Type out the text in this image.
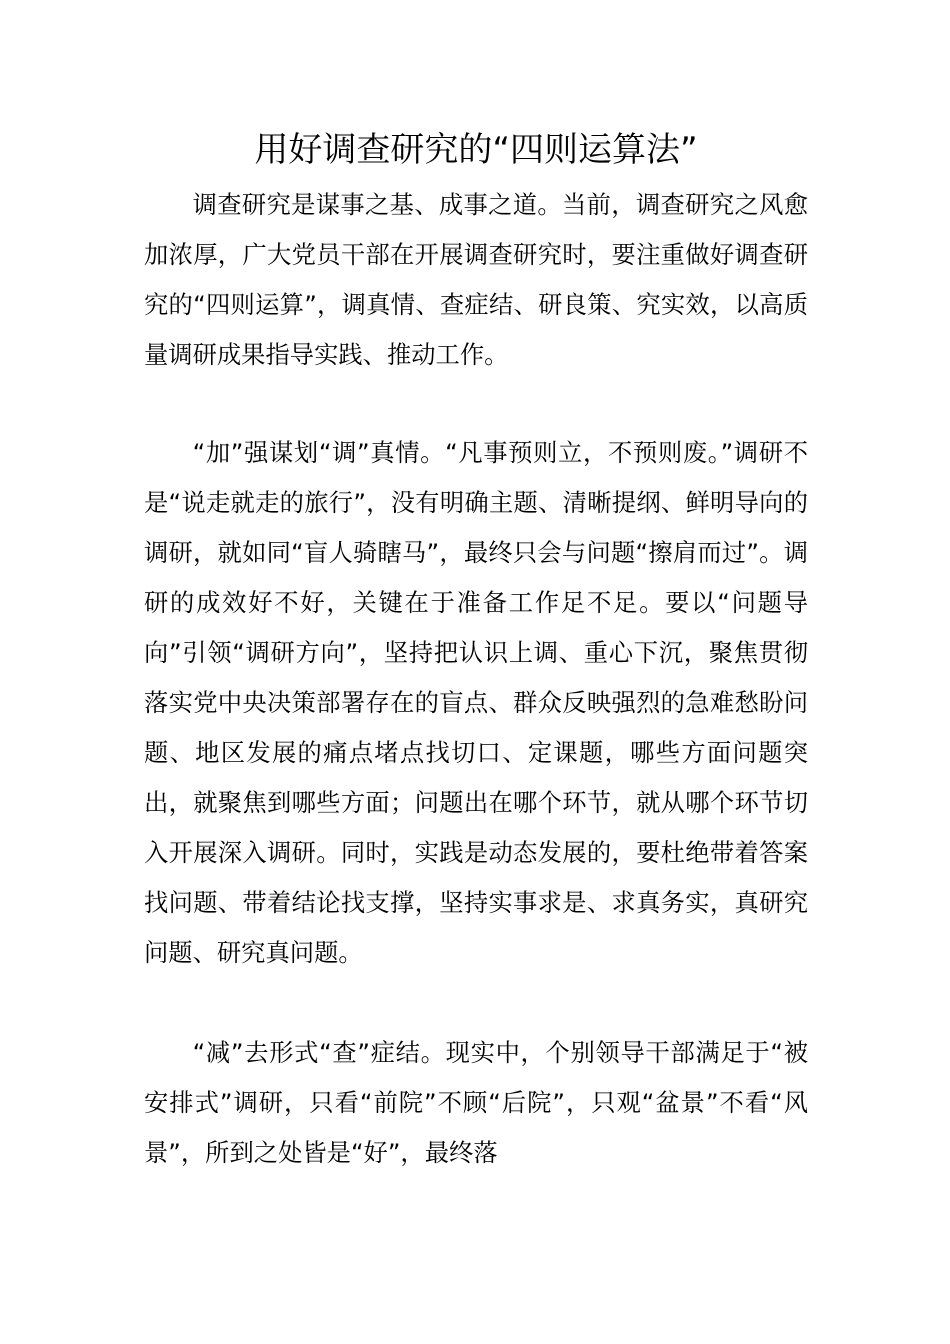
用好调查研究的“四则运算法”

调查研究是谋事之基、成事之道。当前，调查研究之风愈加浓厚，广大党员干部在开展调查研究时，要注重做好调查研究的“四则运算”，调真情、查症结、研良策、究实效，以高质量调研成果指导实践、推动工作。

“加”强谋划“调”真情。“凡事预则立，不预则废。”调研不是“说走就走的旅行”，没有明确主题、清晰提纲、鲜明导向的调研，就如同“盲人骑瞎马”，最终只会与问题“擦肩而过”。调研的成效好不好，关键在于准备工作足不足。要以“问题导向”引领“调研方向”，坚持把认识上调、重心下沉，聚焦贯彻落实党中央决策部署存在的盲点、群众反映强烈的急难愁盼问题、地区发展的痛点堵点找切口、定课题，哪些方面问题突出，就聚焦到哪些方面；问题出在哪个环节，就从哪个环节切入开展深入调研。同时，实践是动态发展的，要杜绝带着答案找问题、带着结论找支撑，坚持实事求是、求真务实，真研究问题、研究真问题。

“减”去形式“查”症结。现实中，个别领导干部满足于“被安排式”调研，只看“前院”不顾“后院”，只观“盆景”不看“风景”，所到之处皆是“好”，最终落
